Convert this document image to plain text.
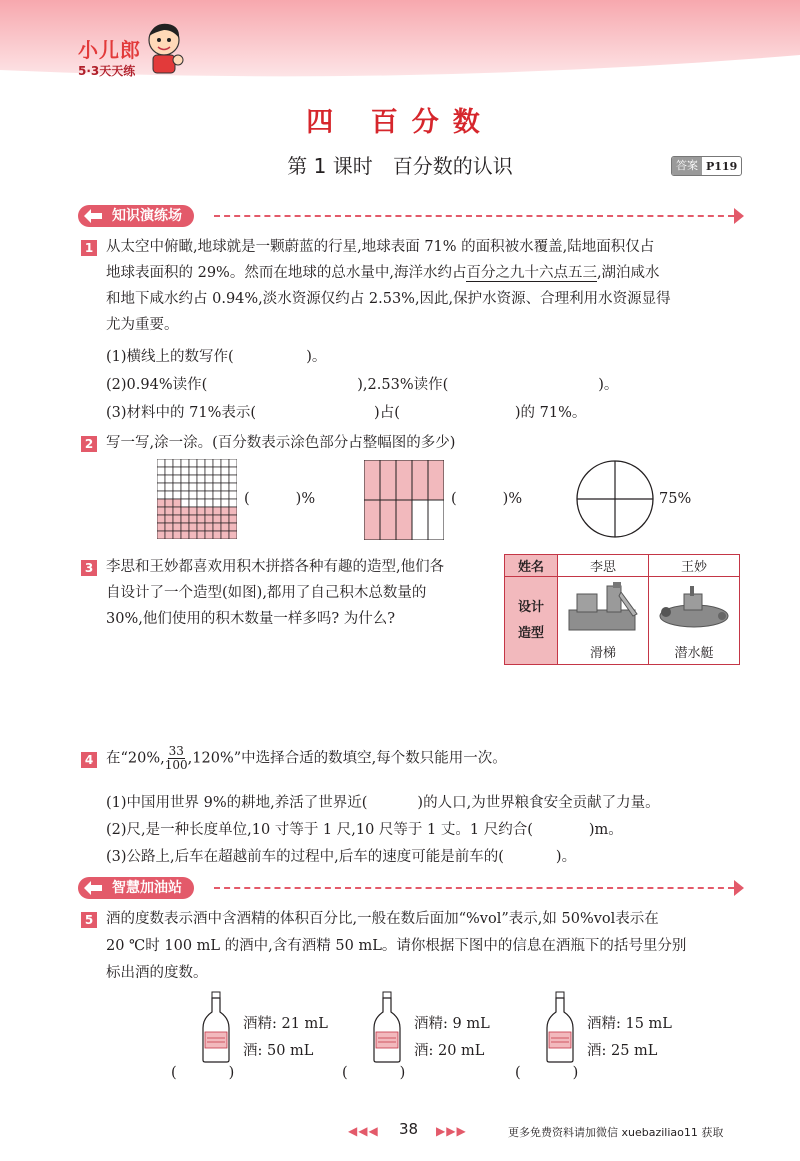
小儿郎
5·3天天练
四 百分数
第 1 课时　百分数的认识	答案 P119
知识演练场
1 从太空中俯瞰,地球就是一颗蔚蓝的行星,地球表面 71% 的面积被水覆盖,陆地面积仅占
地球表面积的 29%。然而在地球的总水量中,海洋水约占百分之九十六点五三,湖泊咸水
和地下咸水约占 0.94%,淡水资源仅约占 2.53%,因此,保护水资源、合理利用水资源显得
尤为重要。
(1)横线上的数写作(　　　　　)。
(2)0.94%读作(	),2.53%读作(	)。
(3)材料中的 71%表示(	)占(	)的 71%。
2 写一写,涂一涂。(百分数表示涂色部分占整幅图的多少)
(	)%	(	)%	75%
3 李思和王妙都喜欢用积木拼搭各种有趣的造型,他们各
自设计了一个造型(如图),都用了自己积木总数量的
30%,他们使用的积木数量一样多吗? 为什么?
姓名	李思	王妙

设计
造型	滑梯	潜水艇
4 在“20%, $\frac{33}{100} ,120\%$”中选择合适的数填空,每个数只能用一次。
(1)中国用世界 9%的耕地,养活了世界近(	)的人口,为世界粮食安全贡献了力量。
(2)尺,是一种长度单位,10 寸等于 1 尺,10 尺等于 1 丈。1 尺约合(	)m。
(3)公路上,后车在超越前车的过程中,后车的速度可能是前车的(	)。
智慧加油站
5 酒的度数表示酒中含酒精的体积百分比,一般在数后面加“%vol”表示,如 50%vol表示在
20 ℃时 100 mL 的酒中,含有酒精 50 mL。请你根据下图中的信息在酒瓶下的括号里分别
标出酒的度数。
酒精: 21 mL
酒: 50 mL
(	)
酒精: 9 mL
酒: 20 mL
(	)
酒精: 15 mL
酒: 25 mL
(	)
◀◀◀ 38 ▶▶▶	更多免费资料请加微信 xuebaziliao11 获取
